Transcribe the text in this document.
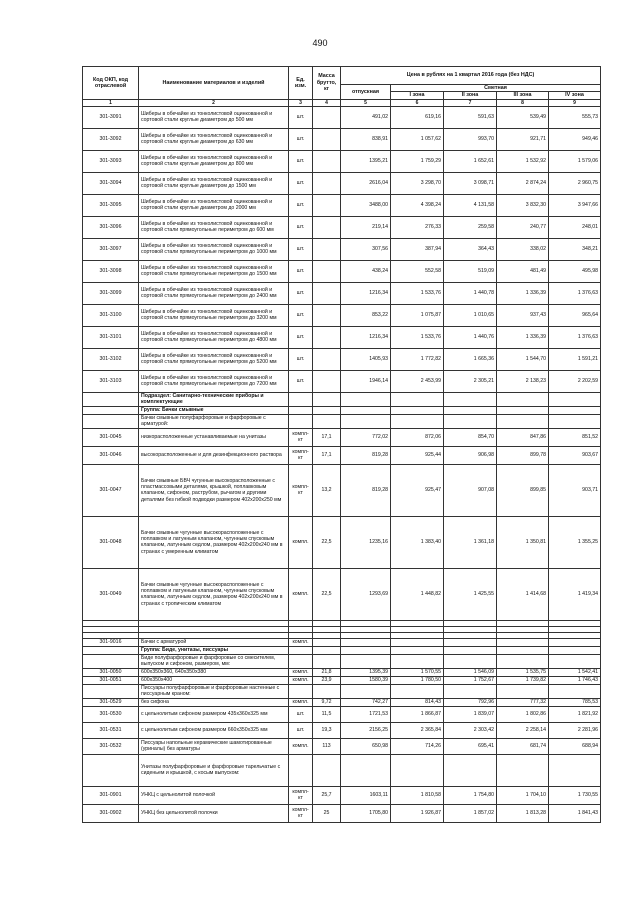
490
Код ОКП, код отраслевой	Наименование материалов и изделий	Ед. изм.	Масса брутто, кг	Цена в рублях на 1 квартал 2016 года (без НДС)				
				отпускная	Сметная			
					I зона	II зона	III зона	IV зона
1	2	3	4	5	6	7	8	9
301-3091	Шиберы в обечайке из тонколистовой оцинкованной и сортовой стали круглые диаметром до 500 мм	шт.		491,02	619,16	591,63	539,49	555,73
301-3092	Шиберы в обечайке из тонколистовой оцинкованной и сортовой стали круглые диаметром до 630 мм	шт.		838,91	1 057,62	993,70	921,71	949,46
301-3093	Шиберы в обечайке из тонколистовой оцинкованной и сортовой стали круглые диаметром до 800 мм	шт.		1395,21	1 759,29	1 652,61	1 532,92	1 579,06
301-3094	Шиберы в обечайке из тонколистовой оцинкованной и сортовой стали круглые диаметром до 1500 мм	шт.		2616,04	3 298,70	3 098,71	2 874,24	2 960,75
301-3095	Шиберы в обечайке из тонколистовой оцинкованной и сортовой стали круглые диаметром до 2000 мм	шт.		3488,00	4 398,24	4 131,58	3 832,30	3 947,66
301-3096	Шиберы в обечайке из тонколистовой оцинкованной и сортовой стали прямоугольные периметром до 600 мм	шт.		219,14	276,33	259,58	240,77	248,01
301-3097	Шиберы в обечайке из тонколистовой оцинкованной и сортовой стали прямоугольные периметром до 1000 мм	шт.		307,56	387,94	364,43	338,02	348,21
301-3098	Шиберы в обечайке из тонколистовой оцинкованной и сортовой стали прямоугольные периметром до 1500 мм	шт.		438,24	552,58	519,09	481,49	495,98
301-3099	Шиберы в обечайке из тонколистовой оцинкованной и сортовой стали прямоугольные периметром до 2400 мм	шт.		1216,34	1 533,76	1 440,78	1 336,39	1 376,63
301-3100	Шиберы в обечайке из тонколистовой оцинкованной и сортовой стали прямоугольные периметром до 3200 мм	шт.		853,22	1 075,87	1 010,65	937,43	965,64
301-3101	Шиберы в обечайке из тонколистовой оцинкованной и сортовой стали прямоугольные периметром до 4800 мм	шт.		1216,34	1 533,76	1 440,76	1 336,39	1 376,63
301-3102	Шиберы в обечайке из тонколистовой оцинкованной и сортовой стали прямоугольные периметром до 5200 мм	шт.		1405,93	1 772,82	1 665,36	1 544,70	1 591,21
301-3103	Шиберы в обечайке из тонколистовой оцинкованной и сортовой стали прямоугольные периметром до 7200 мм	шт.		1946,14	2 453,99	2 305,21	2 138,23	2 202,59
	Подраздел: Санитарно-технические приборы и комплектующие							
	Группа: Бачки смывные							
	Бачки смывные полуфарфоровые и фарфоровые с арматурой:							
301-0045	низкорасположенные устанавливаемые на унитазы	компл-кт	17,1	772,02	872,06	854,70	847,86	851,52
301-0046	высокорасположенные и для дезинфекционного раствора	компл-кт	17,1	819,28	925,44	906,98	899,78	903,67
301-0047	Бачки смывные БВЧ чугунные высокорасположенные с пластмассовыми деталями, крышкой, поплавковым клапаном, сифоном, раструбом, рычагом и другими деталями без гибкой подводки размером 402х200х250 мм	компл-кт	13,2	819,28	925,47	907,08	899,85	903,71
301-0048	Бачки смывные чугунные высокорасположенные с поплавком и латунным клапаном, чугунным спусковым клапаном, латунным седлом, размером 402х200х240 мм в странах с умеренным климатом	компл.	22,5	1235,16	1 383,40	1 361,18	1 350,81	1 355,25
301-0049	Бачки смывные чугунные высокорасположенные с поплавком и латунным клапаном, чугунным спусковым клапаном, латунным седлом, размером 402х200х240 мм в странах с тропическим климатом	компл.	22,5	1293,69	1 448,82	1 425,55	1 414,68	1 419,34

301-9016	Бачки с арматурой	компл.						
	Группа: Биде, унитазы, писсуары							
	Биде полуфарфоровые и фарфоровые со смесителем, выпуском и сифоном, размером, мм:							
301-0050	600х350х360, 640х350х380	компл.	21,8	1395,39	1 570,55	1 546,09	1 535,75	1 542,41
301-0051	600х350х400	компл.	23,9	1580,39	1 780,50	1 752,67	1 739,82	1 746,43
	Писсуары полуфарфоровые и фарфоровые настенные с писсуарным краном:							
301-0529	без сифона	компл.	9,72	742,27	814,43	792,96	777,32	785,53
301-0530	с цельнолитым сифоном размером 435х360х325 мм	шт.	11,5	1721,53	1 866,87	1 839,07	1 802,86	1 821,92
301-0531	с цельнолитым сифоном размером 660х350х325 мм	шт.	19,3	2156,25	2 365,84	2 303,42	2 258,14	2 281,96
301-0532	Писсуары напольные керамические шамотированные (уриналы) без арматуры	компл.	113	650,98	714,26	695,41	681,74	688,94
	Унитазы полуфарфоровые и фарфоровые тарельчатые с сиденьем и крышкой, с косым выпуском:							
301-0901	УНКЦ с цельнолитой полочкой	компл-кт	25,7	1603,11	1 810,58	1 754,80	1 704,10	1 730,55
301-0902	УНКЦ без цельнолитой полочки	компл-кт	25	1705,80	1 926,87	1 857,02	1 813,28	1 841,43
